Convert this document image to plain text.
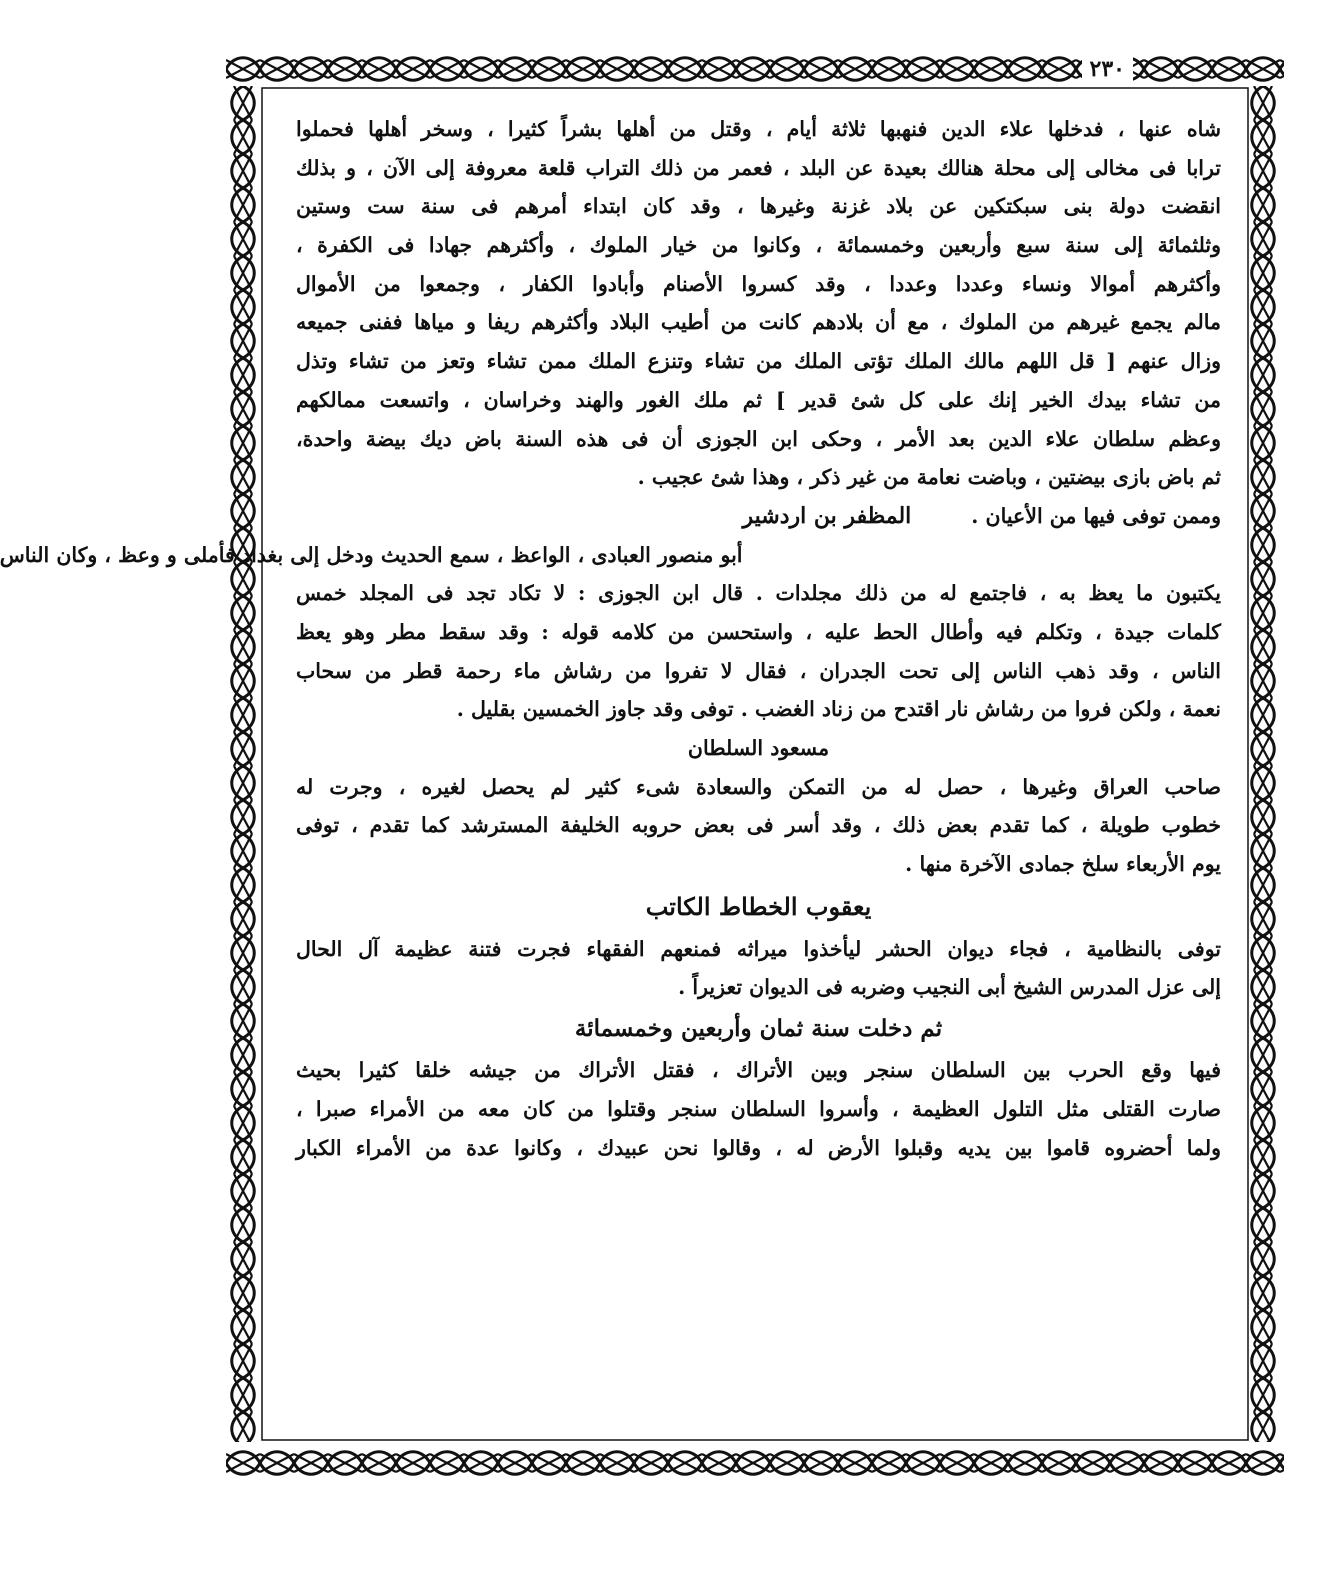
٢٣٠
شاه عنها ، فدخلها علاء الدين فنهبها ثلاثة أيام ، وقتل من أهلها بشراً كثيرا ، وسخر أهلها فحملوا
ترابا فى مخالى إلى محلة هنالك بعيدة عن البلد ، فعمر من ذلك التراب قلعة معروفة إلى الآن ، و بذلك
انقضت دولة بنى سبكتكين عن بلاد غزنة وغيرها ، وقد كان ابتداء أمرهم فى سنة ست وستين
وثلثمائة إلى سنة سبع وأربعين وخمسمائة ، وكانوا من خيار الملوك ، وأكثرهم جهادا فى الكفرة ،
وأكثرهم أموالا ونساء وعددا وعددا ، وقد كسروا الأصنام وأبادوا الكفار ، وجمعوا من الأموال
مالم يجمع غيرهم من الملوك ، مع أن بلادهم كانت من أطيب البلاد وأكثرهم ريفا و مياها ففنى جميعه
وزال عنهم [ قل اللهم مالك الملك تؤتى الملك من تشاء وتنزع الملك ممن تشاء وتعز من تشاء وتذل
من تشاء بيدك الخير إنك على كل شئ قدير ] ثم ملك الغور والهند وخراسان ، واتسعت ممالكهم
وعظم سلطان علاء الدين بعد الأمر ، وحكى ابن الجوزى أن فى هذه السنة باض ديك بيضة واحدة،
ثم باض بازى بيضتين ، وباضت نعامة من غير ذكر ، وهذا شئ عجيب .
وممن توفى فيها من الأعيان .
المظفر بن اردشير
أبو منصور العبادى ، الواعظ ، سمع الحديث ودخل إلى بغداد فأملى و وعظ ، وكان الناس
يكتبون ما يعظ به ، فاجتمع له من ذلك مجلدات . قال ابن الجوزى : لا تكاد تجد فى المجلد خمس
كلمات جيدة ، وتكلم فيه وأطال الحط عليه ، واستحسن من كلامه قوله : وقد سقط مطر وهو يعظ
الناس ، وقد ذهب الناس إلى تحت الجدران ، فقال لا تفروا من رشاش ماء رحمة قطر من سحاب
نعمة ، ولكن فروا من رشاش نار اقتدح من زناد الغضب . توفى وقد جاوز الخمسين بقليل .
مسعود السلطان
صاحب العراق وغيرها ، حصل له من التمكن والسعادة شىء كثير لم يحصل لغيره ، وجرت له
خطوب طويلة ، كما تقدم بعض ذلك ، وقد أسر فى بعض حروبه الخليفة المسترشد كما تقدم ، توفى
يوم الأربعاء سلخ جمادى الآخرة منها .
يعقوب الخطاط الكاتب
توفى بالنظامية ، فجاء ديوان الحشر ليأخذوا ميراثه فمنعهم الفقهاء فجرت فتنة عظيمة آل الحال
إلى عزل المدرس الشيخ أبى النجيب وضربه فى الديوان تعزيراً .
ثم دخلت سنة ثمان وأربعين وخمسمائة
فيها وقع الحرب بين السلطان سنجر وبين الأتراك ، فقتل الأتراك من جيشه خلقا كثيرا بحيث
صارت القتلى مثل التلول العظيمة ، وأسروا السلطان سنجر وقتلوا من كان معه من الأمراء صبرا ،
ولما أحضروه قاموا بين يديه وقبلوا الأرض له ، وقالوا نحن عبيدك ، وكانوا عدة من الأمراء الكبار
